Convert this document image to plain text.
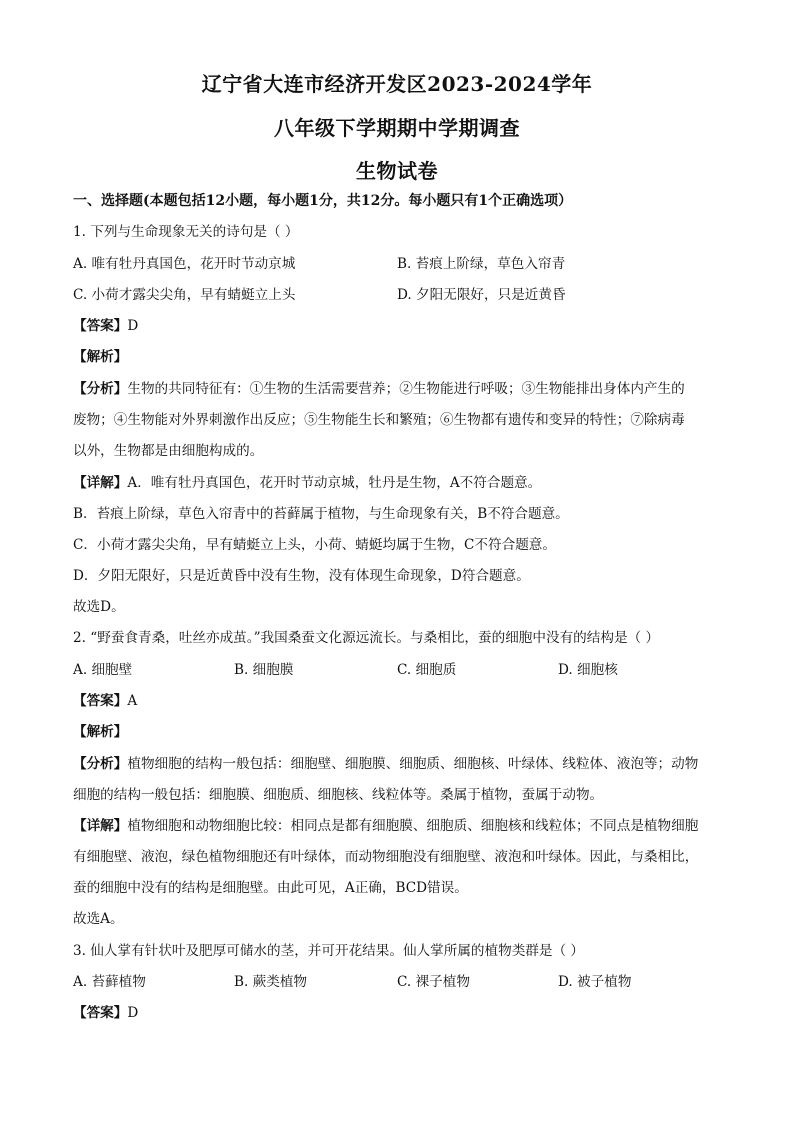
辽宁省大连市经济开发区2023-2024学年
八年级下学期期中学期调查
生物试卷
一、选择题(本题包括12小题，每小题1分，共12分。每小题只有1个正确选项）
1. 下列与生命现象无关的诗句是（ ）
A. 唯有牡丹真国色，花开时节动京城	B. 苔痕上阶绿，草色入帘青
C. 小荷才露尖尖角，早有蜻蜓立上头	D. 夕阳无限好，只是近黄昏
【答案】D
【解析】
【分析】生物的共同特征有：①生物的生活需要营养；②生物能进行呼吸；③生物能排出身体内产生的
废物；④生物能对外界刺激作出反应；⑤生物能生长和繁殖；⑥生物都有遗传和变异的特性；⑦除病毒
以外，生物都是由细胞构成的。
【详解】A．唯有牡丹真国色，花开时节动京城，牡丹是生物，A不符合题意。
B．苔痕上阶绿，草色入帘青中的苔藓属于植物，与生命现象有关，B不符合题意。
C．小荷才露尖尖角，早有蜻蜓立上头，小荷、蜻蜓均属于生物，C不符合题意。
D．夕阳无限好，只是近黄昏中没有生物，没有体现生命现象，D符合题意。
故选D。
2. “野蚕食青桑，吐丝亦成茧。”我国桑蚕文化源远流长。与桑相比，蚕的细胞中没有的结构是（ ）
A. 细胞壁	B. 细胞膜	C. 细胞质	D. 细胞核
【答案】A
【解析】
【分析】植物细胞的结构一般包括：细胞壁、细胞膜、细胞质、细胞核、叶绿体、线粒体、液泡等；动物
细胞的结构一般包括：细胞膜、细胞质、细胞核、线粒体等。桑属于植物，蚕属于动物。
【详解】植物细胞和动物细胞比较：相同点是都有细胞膜、细胞质、细胞核和线粒体；不同点是植物细胞
有细胞壁、液泡，绿色植物细胞还有叶绿体，而动物细胞没有细胞壁、液泡和叶绿体。因此，与桑相比，
蚕的细胞中没有的结构是细胞壁。由此可见，A正确，BCD错误。
故选A。
3. 仙人掌有针状叶及肥厚可储水的茎，并可开花结果。仙人掌所属的植物类群是（ ）
A. 苔藓植物	B. 蕨类植物	C. 裸子植物	D. 被子植物
【答案】D
